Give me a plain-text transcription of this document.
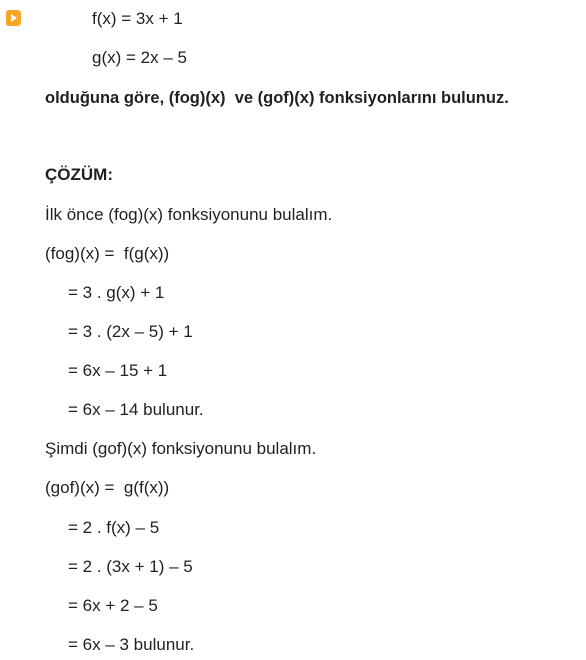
f(x) = 3x + 1
g(x) = 2x – 5
olduğuna göre, (fog)(x)  ve (gof)(x) fonksiyonlarını bulunuz.
ÇÖZÜM:
İlk önce (fog)(x) fonksiyonunu bulalım.
(fog)(x) =  f(g(x))
= 3 . g(x) + 1
= 3 . (2x – 5) + 1
= 6x – 15 + 1
= 6x – 14 bulunur.
Şimdi (gof)(x) fonksiyonunu bulalım.
(gof)(x) =  g(f(x))
= 2 . f(x) – 5
= 2 . (3x + 1) – 5
= 6x + 2 – 5
= 6x – 3 bulunur.
